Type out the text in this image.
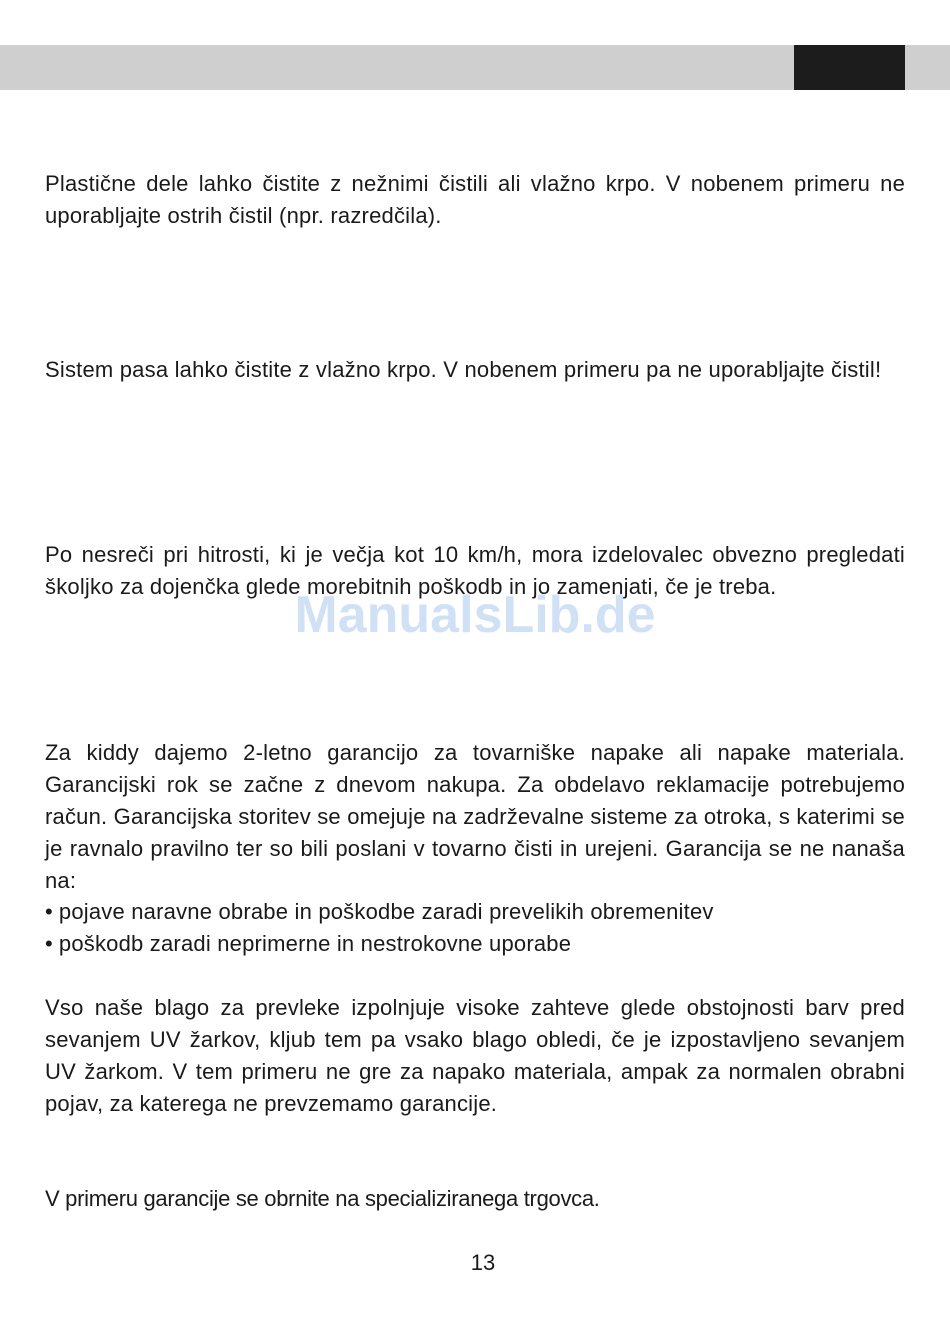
Plastične dele lahko čistite z nežnimi čistili ali vlažno krpo. V nobenem primeru ne uporabljajte ostrih čistil (npr. razredčila).

Sistem pasa lahko čistite z vlažno krpo. V nobenem primeru pa ne uporabljajte čistil!

Po nesreči pri hitrosti, ki je večja kot 10 km/h, mora izdelovalec obvezno pregledati školjko za dojenčka glede morebitnih poškodb in jo zamenjati, če je treba.

Za kiddy dajemo 2-letno garancijo za tovarniške napake ali napake materiala. Garancijski rok se začne z dnevom nakupa. Za obdelavo reklamacije potrebujemo račun. Garancijska storitev se omejuje na zadrževalne sisteme za otroka, s katerimi se je ravnalo pravilno ter so bili poslani v tovarno čisti in urejeni. Garancija se ne nanaša na:

• pojave naravne obrabe in poškodbe zaradi prevelikih obremenitev

• poškodb zaradi neprimerne in nestrokovne uporabe

Vso naše blago za prevleke izpolnjuje visoke zahteve glede obstojnosti barv pred sevanjem UV žarkov, kljub tem pa vsako blago obledi, če je izpostavljeno sevanjem UV žarkom. V tem primeru ne gre za napako materiala, ampak za normalen obrabni pojav, za katerega ne prevzemamo garancije.

V primeru garancije se obrnite na specializiranega trgovca.

ManualsLib.de
13
